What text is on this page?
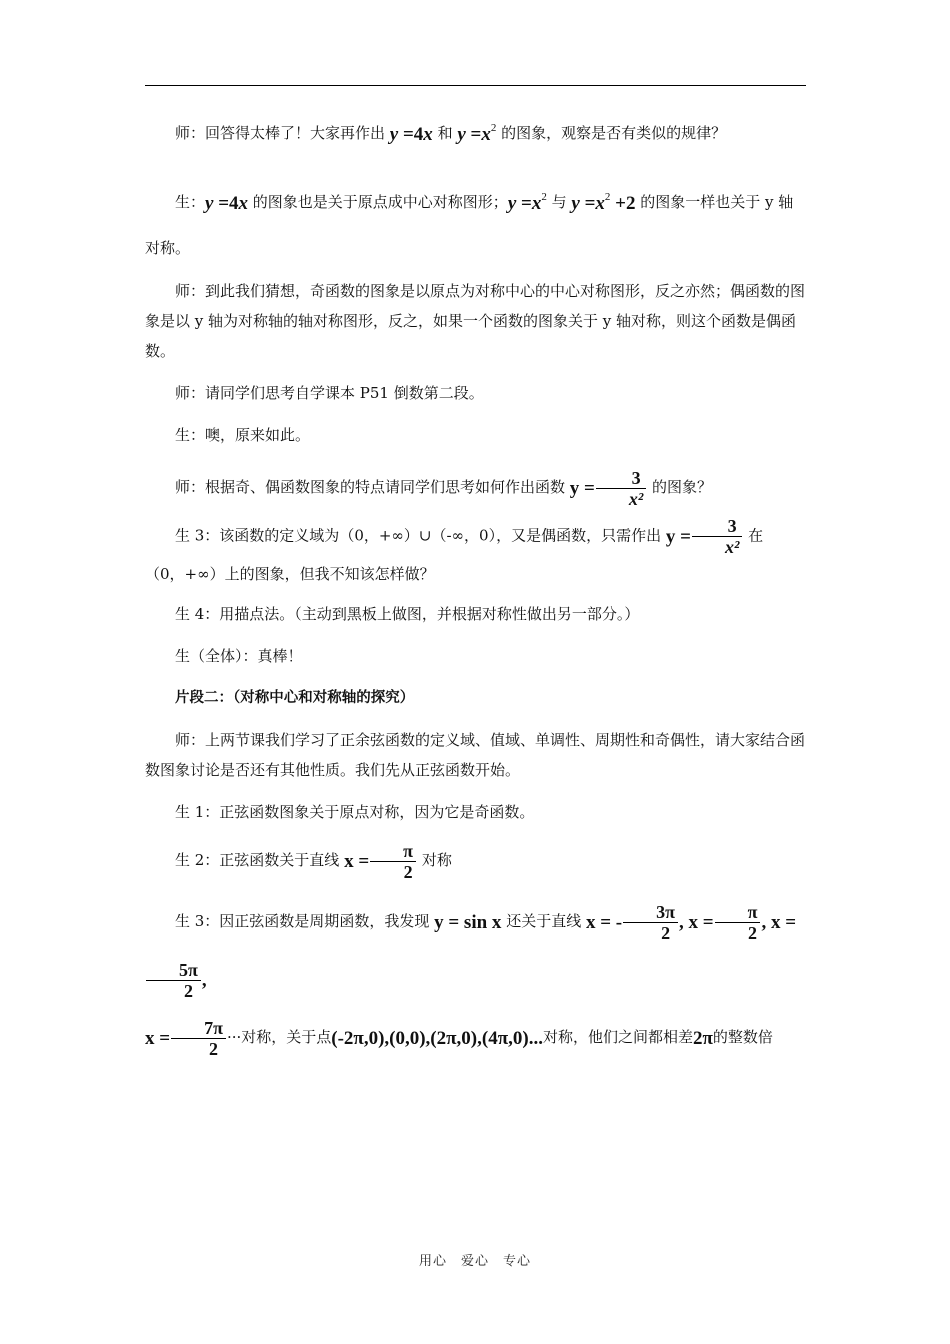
师：回答得太棒了！大家再作出 y =4x 和 $y =x^2$ 的图象，观察是否有类似的规律？

生：y =4x 的图象也是关于原点成中心对称图形；$y =x^2$ 与 $y =x^2 +2$ 的图象一样也关于 y 轴对称。

师：到此我们猜想，奇函数的图象是以原点为对称中心的中心对称图形，反之亦然；偶函数的图象是以 y 轴为对称轴的轴对称图形，反之，如果一个函数的图象关于 y 轴对称，则这个函数是偶函数。

师：请同学们思考自学课本 P51 倒数第二段。

生：噢，原来如此。

师：根据奇、偶函数图象的特点请同学们思考如何作出函数 $y = \frac{3}{\text{x²}}$ 的图象？

生 3：该函数的定义域为（0，+∞）∪（-∞，0），又是偶函数，只需作出 $y = \frac{3}{\text{x²}}$ 在（0，+∞）上的图象，但我不知该怎样做？

生 4：用描点法。（主动到黑板上做图，并根据对称性做出另一部分。）

生（全体）：真棒！

片段二：（对称中心和对称轴的探究）

师：上两节课我们学习了正余弦函数的定义域、值域、单调性、周期性和奇偶性，请大家结合函数图象讨论是否还有其他性质。我们先从正弦函数开始。

生 1：正弦函数图象关于原点对称，因为它是奇函数。

生 2：正弦函数关于直线 $x = \frac{\pi}{2}$ 对称

生 3：因正弦函数是周期函数，我发现 y = sin x 还关于直线 x = - $\frac{3\pi}{2}$ , $x = \frac{\pi}{2}$ , x =
$\frac{5\pi}{2}$ ,
$x = \frac{7\pi}{2}$ ···对称，关于点(-2π,0),(0,0),(2π,0),(4π,0)...对称，他们之间都相差2π的整数倍

用心　爱心　专心
